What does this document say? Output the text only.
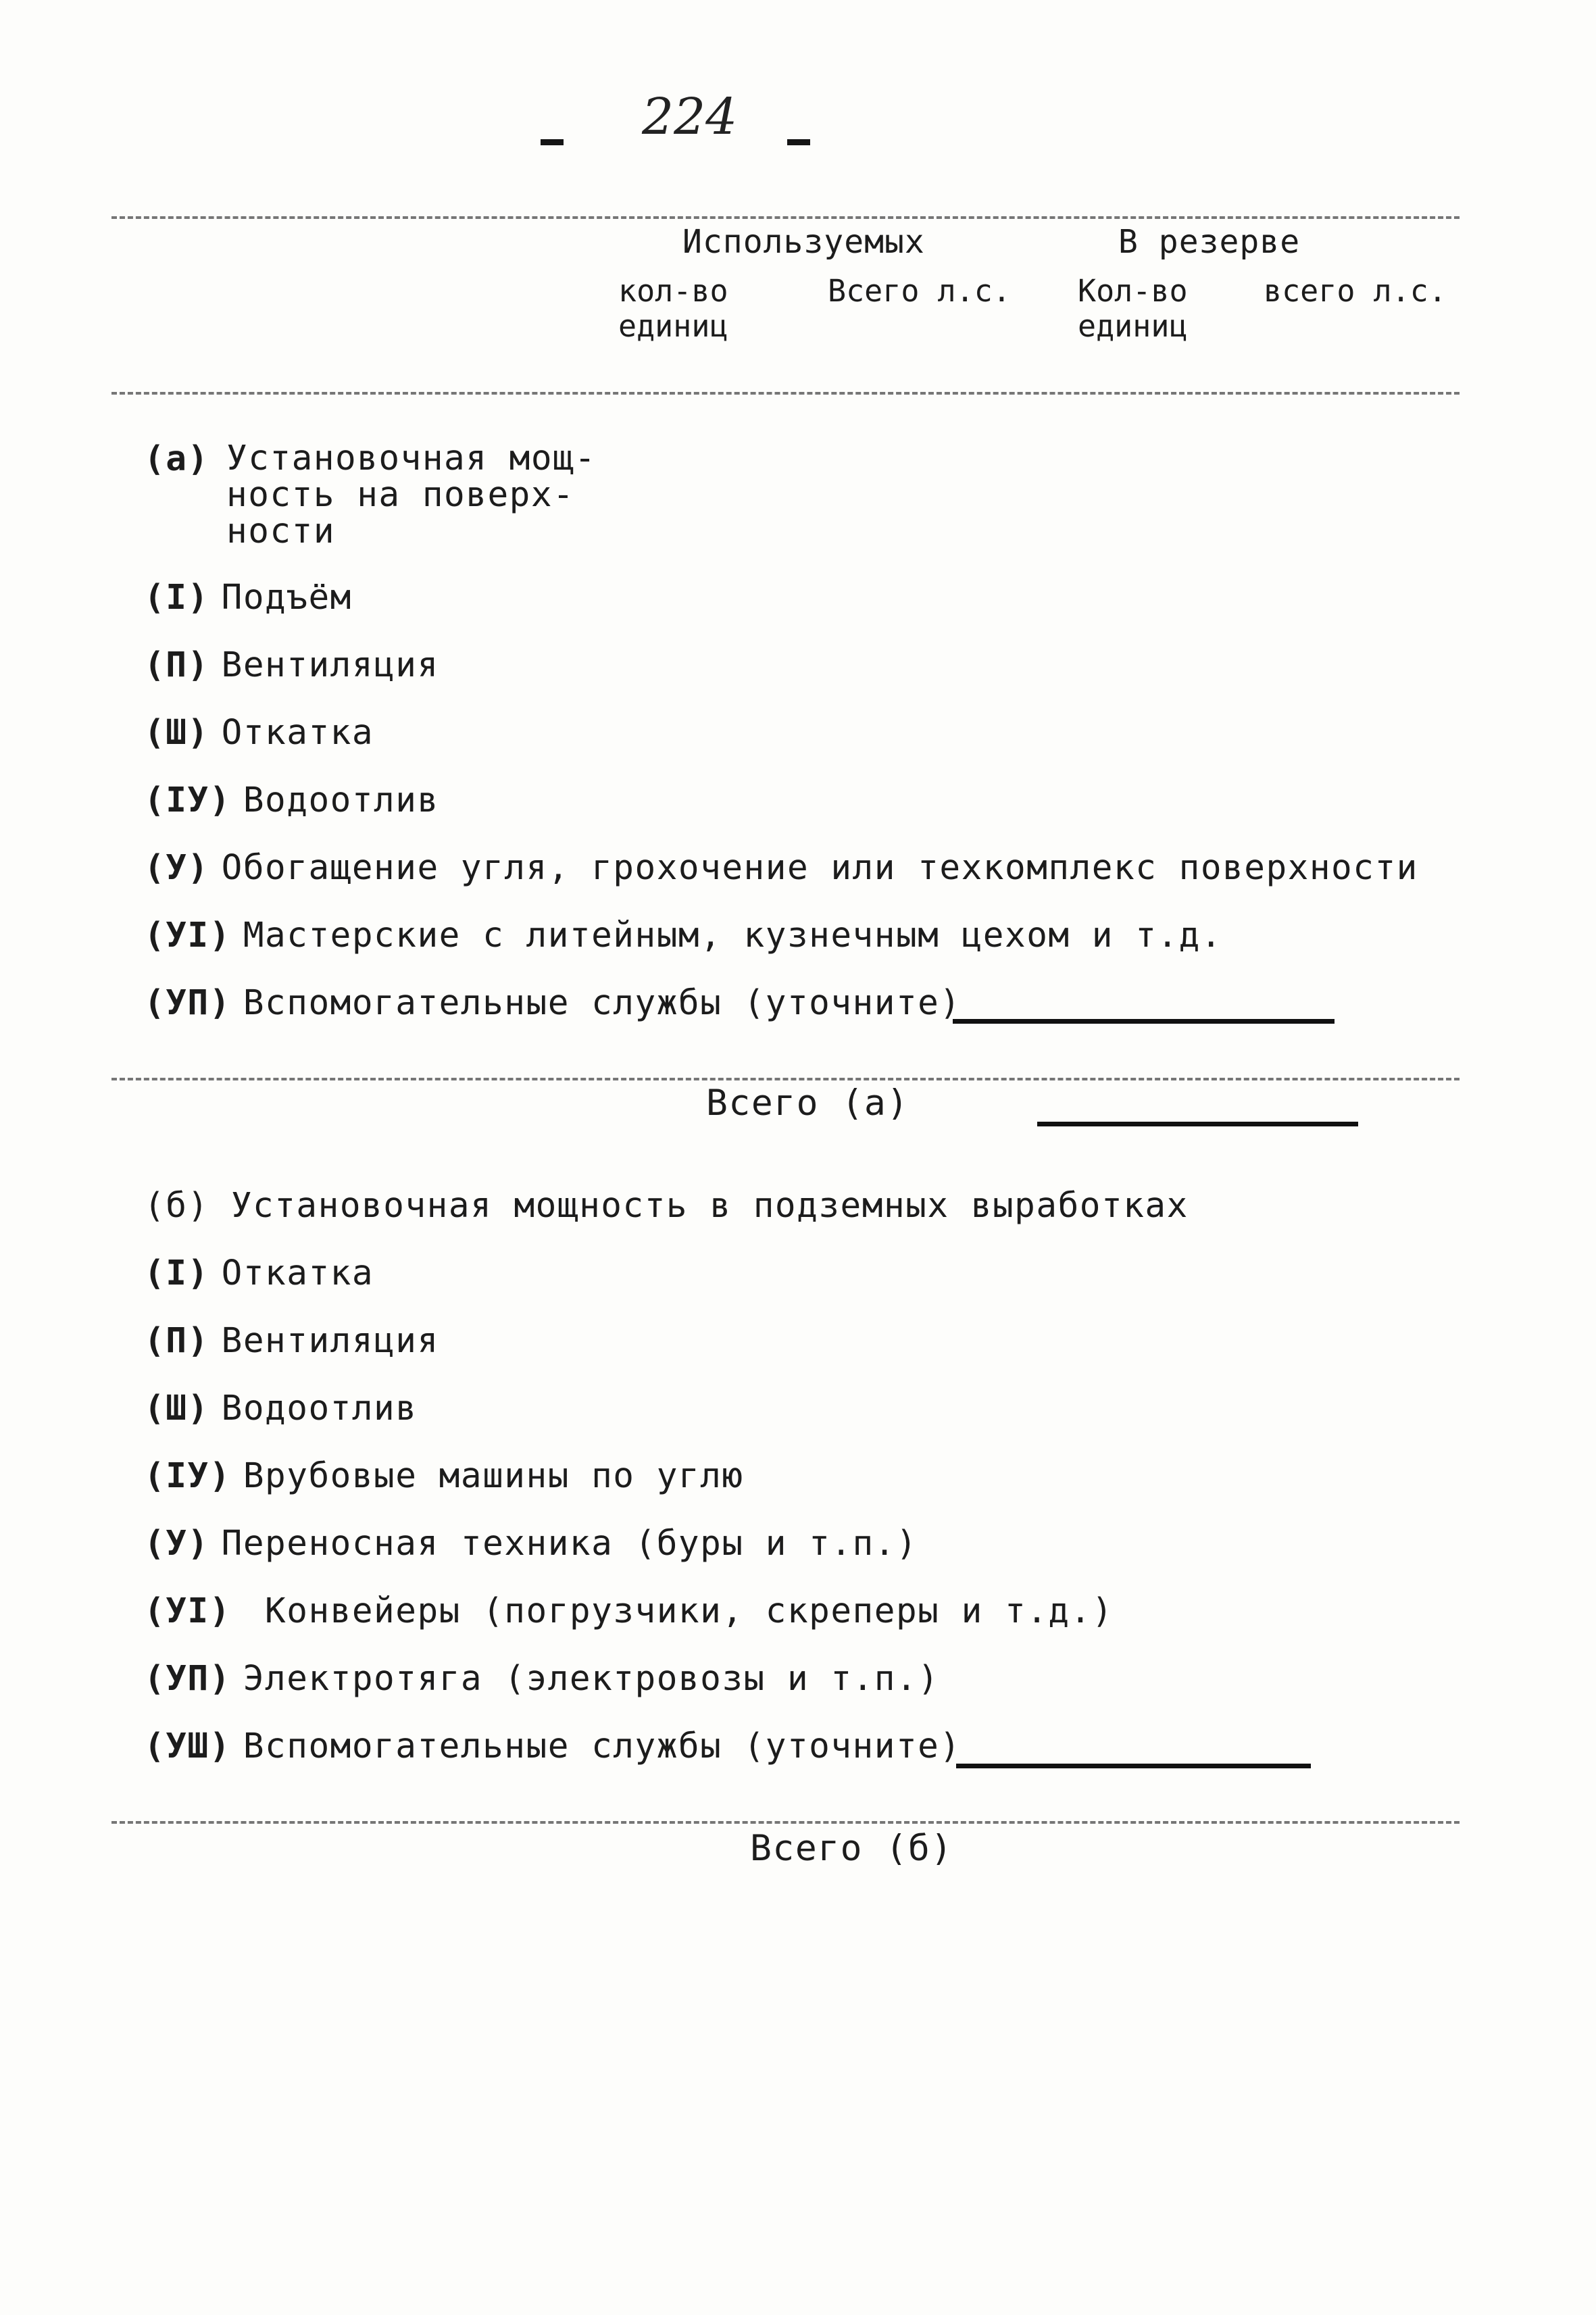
224
Используемых	В резерве
кол-во
единиц
Всего л.с. Кол-во
единиц
всего л.с.
(а) Установочная мощ-
ность на поверх-
ности
(I) Подъём
(П) Вентиляция
(Ш) Откатка
(IУ) Водоотлив
(У) Обогащение угля, грохочение или техкомплекс поверхности
(УI) Мастерские с литейным, кузнечным цехом и т.д.
(УП) Вспомогательные службы (уточните)
Всего (а)
(б) Установочная мощность в подземных выработках
(I) Откатка
(П) Вентиляция
(Ш) Водоотлив
(IУ) Врубовые машины по углю
(У) Переносная техника (буры и т.п.)
(УI) Конвейеры (погрузчики, скреперы и т.д.)
(УП) Электротяга (электровозы и т.п.)
(УШ) Вспомогательные службы (уточните)
Всего (б)
